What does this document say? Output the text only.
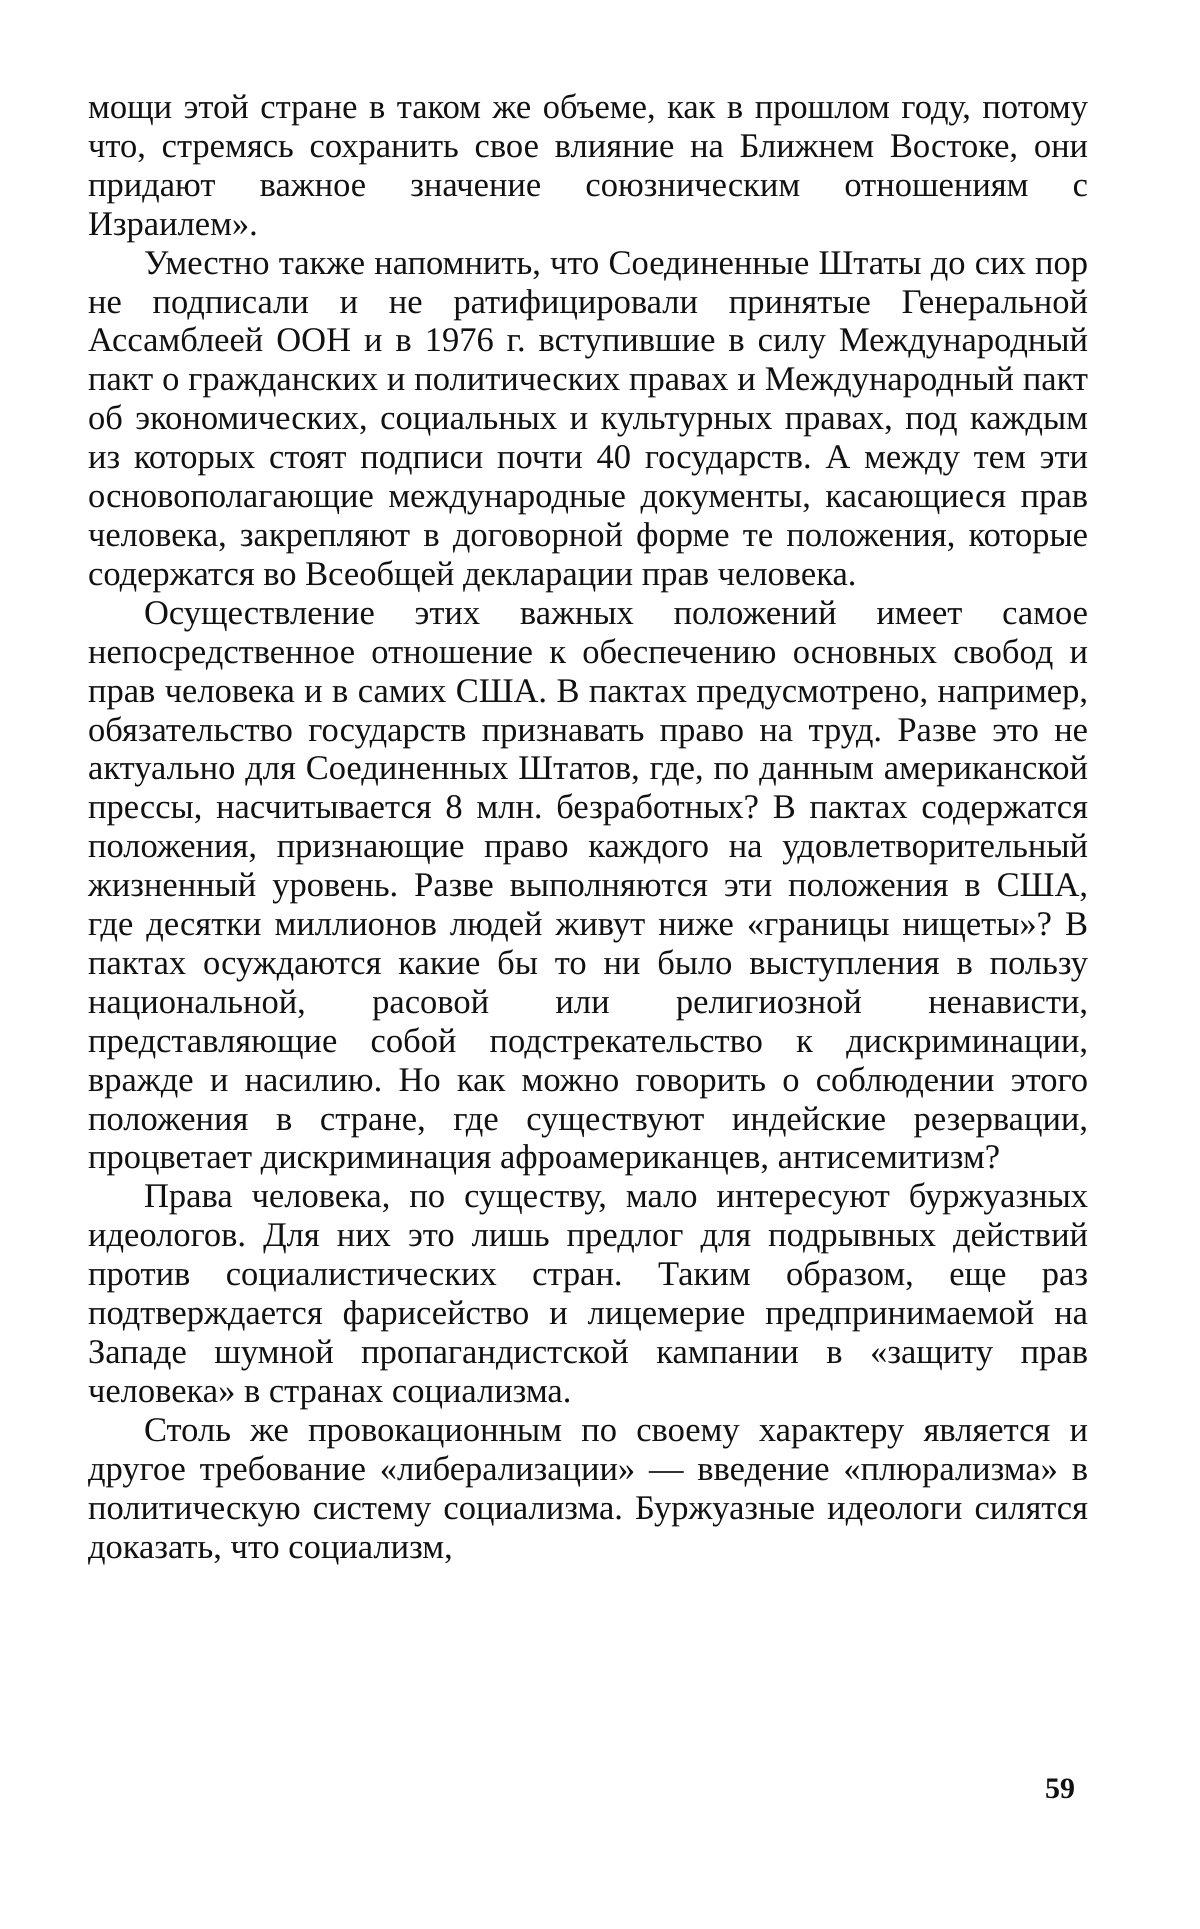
мощи этой стране в таком же объеме, как в прошлом году, потому что, стремясь сохранить свое влияние на Ближнем Востоке, они придают важное значение союзническим отношениям с Израилем».

Уместно также напомнить, что Соединенные Штаты до сих пор не подписали и не ратифицировали принятые Генеральной Ассамблеей ООН и в 1976 г. вступившие в силу Международный пакт о гражданских и политических правах и Международный пакт об экономических, социальных и культурных правах, под каждым из которых стоят подписи почти 40 государств. А между тем эти основополагающие международные документы, касающиеся прав человека, закрепляют в договорной форме те положения, которые содержатся во Всеобщей декларации прав человека.

Осуществление этих важных положений имеет самое непосредственное отношение к обеспечению основных свобод и прав человека и в самих США. В пактах предусмотрено, например, обязательство государств признавать право на труд. Разве это не актуально для Соединенных Штатов, где, по данным американской прессы, насчитывается 8 млн. безработных? В пактах содержатся положения, признающие право каждого на удовлетворительный жизненный уровень. Разве выполняются эти положения в США, где десятки миллионов людей живут ниже «границы нищеты»? В пактах осуждаются какие бы то ни было выступления в пользу национальной, расовой или религиозной ненависти, представляющие собой подстрекательство к дискриминации, вражде и насилию. Но как можно говорить о соблюдении этого положения в стране, где существуют индейские резервации, процветает дискриминация афроамериканцев, антисемитизм?

Права человека, по существу, мало интересуют буржуазных идеологов. Для них это лишь предлог для подрывных действий против социалистических стран. Таким образом, еще раз подтверждается фарисейство и лицемерие предпринимаемой на Западе шумной пропагандистской кампании в «защиту прав человека» в странах социализма.

Столь же провокационным по своему характеру является и другое требование «либерализации» — введение «плюрализма» в политическую систему социализма. Буржуазные идеологи силятся доказать, что социализм,

59
